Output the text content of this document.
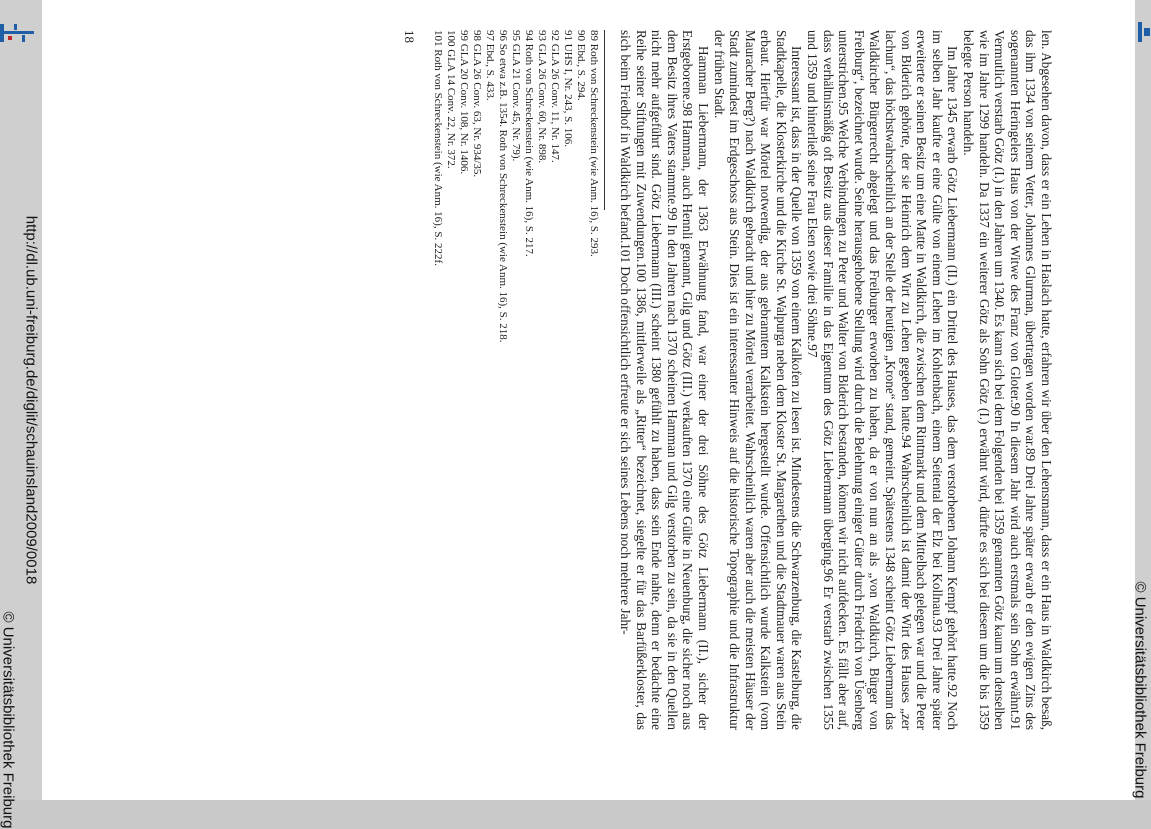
len. Abgesehen davon, dass er ein Lehen in Haslach hatte, erfahren wir über den Lehensmann, dass er ein Haus in Waldkirch besaß, das ihm 1334 von seinem Vetter, Johannes Glurman, übertragen worden war.89 Drei Jahre später erwarb er den ewigen Zins des sogenannten Heringelers Haus von der Witwe des Franz von Gloter.90 In diesem Jahr wird auch erstmals sein Sohn erwähnt.91 Vermutlich verstarb Götz (I.) in den Jahren um 1340. Es kann sich bei dem Folgenden bei 1359 genannten Götz kaum um denselben wie im Jahre 1299 handeln. Da 1337 ein weiterer Götz als Sohn Götz (I.) erwähnt wird, dürfte es sich bei diesem um die bis 1359 belegte Person handeln.

Im Jahre 1345 erwarb Götz Liebermann (II.) ein Drittel des Hauses, das dem verstorbenen Johann Kempf gehört hatte.92 Noch im selben Jahr kaufte er eine Gülte von einem Lehen im Kohlenbach, einem Seitental der Elz bei Kollnau.93 Drei Jahre später erweiterte er seinen Besitz um eine Matte in Waldkirch, die zwischen dem Rintmarkt und dem Mittelbach gelegen war und die Peter von Biderich gehörte, der sie Heinrich dem Wirt zu Lehen gegeben hatte.94 Wahrscheinlich ist damit der Wirt des Hauses „zer lachun“, das höchstwahrscheinlich an der Stelle der heutigen „Krone“ stand, gemeint. Spätestens 1348 scheint Götz Liebermann das Waldkircher Bürgerrecht abgelegt und das Freiburger erworben zu haben, da er von nun an als „von Waldkirch, Bürger von Freiburg“, bezeichnet wurde. Seine herausgehobene Stellung wird durch die Belehnung einiger Güter durch Friedrich von Üsenberg unterstrichen.95 Welche Verbindungen zu Peter und Walter von Biderich bestanden, können wir nicht aufdecken. Es fällt aber auf, dass verhältnismäßig oft Besitz aus dieser Familie in das Eigentum des Götz Liebermann überging.96 Er verstarb zwischen 1355 und 1359 und hinterließ seine Frau Elsen sowie drei Söhne.97

Interessant ist, dass in der Quelle von 1359 von einem Kalkofen zu lesen ist. Mindestens die Schwarzenburg, die Kastelburg, die Stadtkapelle, die Klosterkirche und die Kirche St. Walpurga neben dem Kloster St. Margarethen und die Stadtmauer waren aus Stein erbaut. Hierfür war Mörtel notwendig, der aus gebranntem Kalkstein hergestellt wurde. Offensichtlich wurde Kalkstein (vom Mauracher Berg?) nach Waldkirch gebracht und hier zu Mörtel verarbeitet. Wahrscheinlich waren aber auch die meisten Häuser der Stadt zumindest im Erdgeschoss aus Stein. Dies ist ein interessanter Hinweis auf die historische Topographie und die Infrastruktur der frühen Stadt.

Hamman Liebermann, der 1363 Erwähnung fand, war einer der drei Söhne des Götz Liebermann (II.), sicher der Erstgeborene.98 Hamman, auch Hennli genannt, Gilg und Götz (III.) verkauften 1370 eine Gülte in Neuenburg, die sicher noch aus dem Besitz ihres Vaters stammte.99 In den Jahren nach 1370 scheinen Hamman und Gilg verstorben zu sein, da sie in den Quellen nicht mehr aufgeführt sind. Götz Liebermann (III.) scheint 1380 gefühlt zu haben, dass sein Ende nahte, denn er bedachte eine Reihe seiner Stiftungen mit Zuwendungen.100 1386, mittlerweile als „Ritter“ bezeichnet, siegelte er für das Barfüßerkloster, das sich beim Friedhof in Waldkirch befand.101 Doch offensichtlich erfreute er sich seines Lebens noch mehrere Jahr-

89 Roth von Schreckenstein (wie Anm. 16), S. 293.
90 Ebd., S. 294.
91 UHS I, Nr. 243, S. 106.
92 GLA 26 Conv. 11, Nr. 147.
93 GLA 26 Conv. 60, Nr. 898.
94 Roth von Schreckenstein (wie Anm. 16), S. 217.
95 GLA 21 Conv. 45, Nr. 79).
96 So etwa z.B. 1354. Roth von Schreckenstein (wie Anm. 16), S. 218.
97 Ebd., S. 433.
98 GLA 26 Conv. 63, Nr. 934/35.
99 GLA 20 Conv. 108, Nr. 1406.
100 GLA 14 Conv. 22, Nr. 372.
101 Roth von Schreckenstein (wie Anm. 16), S. 222f.
18
http://dl.ub.uni-freiburg.de/diglit/schauinsland2009/0018
© Universitätsbibliothek Freiburg	© Universitätsbibliothek Freiburg
